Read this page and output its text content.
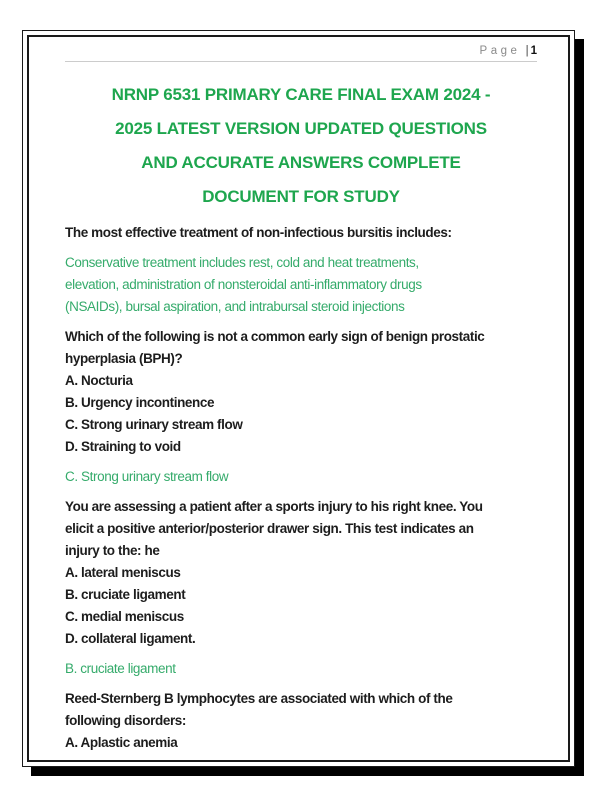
Page | 1
NRNP 6531 PRIMARY CARE FINAL EXAM 2024 -
2025 LATEST VERSION UPDATED QUESTIONS
AND ACCURATE ANSWERS COMPLETE
DOCUMENT FOR STUDY

The most effective treatment of non-infectious bursitis includes:

Conservative treatment includes rest, cold and heat treatments,
elevation, administration of nonsteroidal anti-inflammatory drugs
(NSAIDs), bursal aspiration, and intrabursal steroid injections

Which of the following is not a common early sign of benign prostatic
hyperplasia (BPH)?
A. Nocturia
B. Urgency incontinence
C. Strong urinary stream flow
D. Straining to void

C. Strong urinary stream flow

You are assessing a patient after a sports injury to his right knee. You
elicit a positive anterior/posterior drawer sign. This test indicates an
injury to the: he
A. lateral meniscus
B. cruciate ligament
C. medial meniscus
D. collateral ligament.

B. cruciate ligament

Reed-Sternberg B lymphocytes are associated with which of the
following disorders:
A. Aplastic anemia
